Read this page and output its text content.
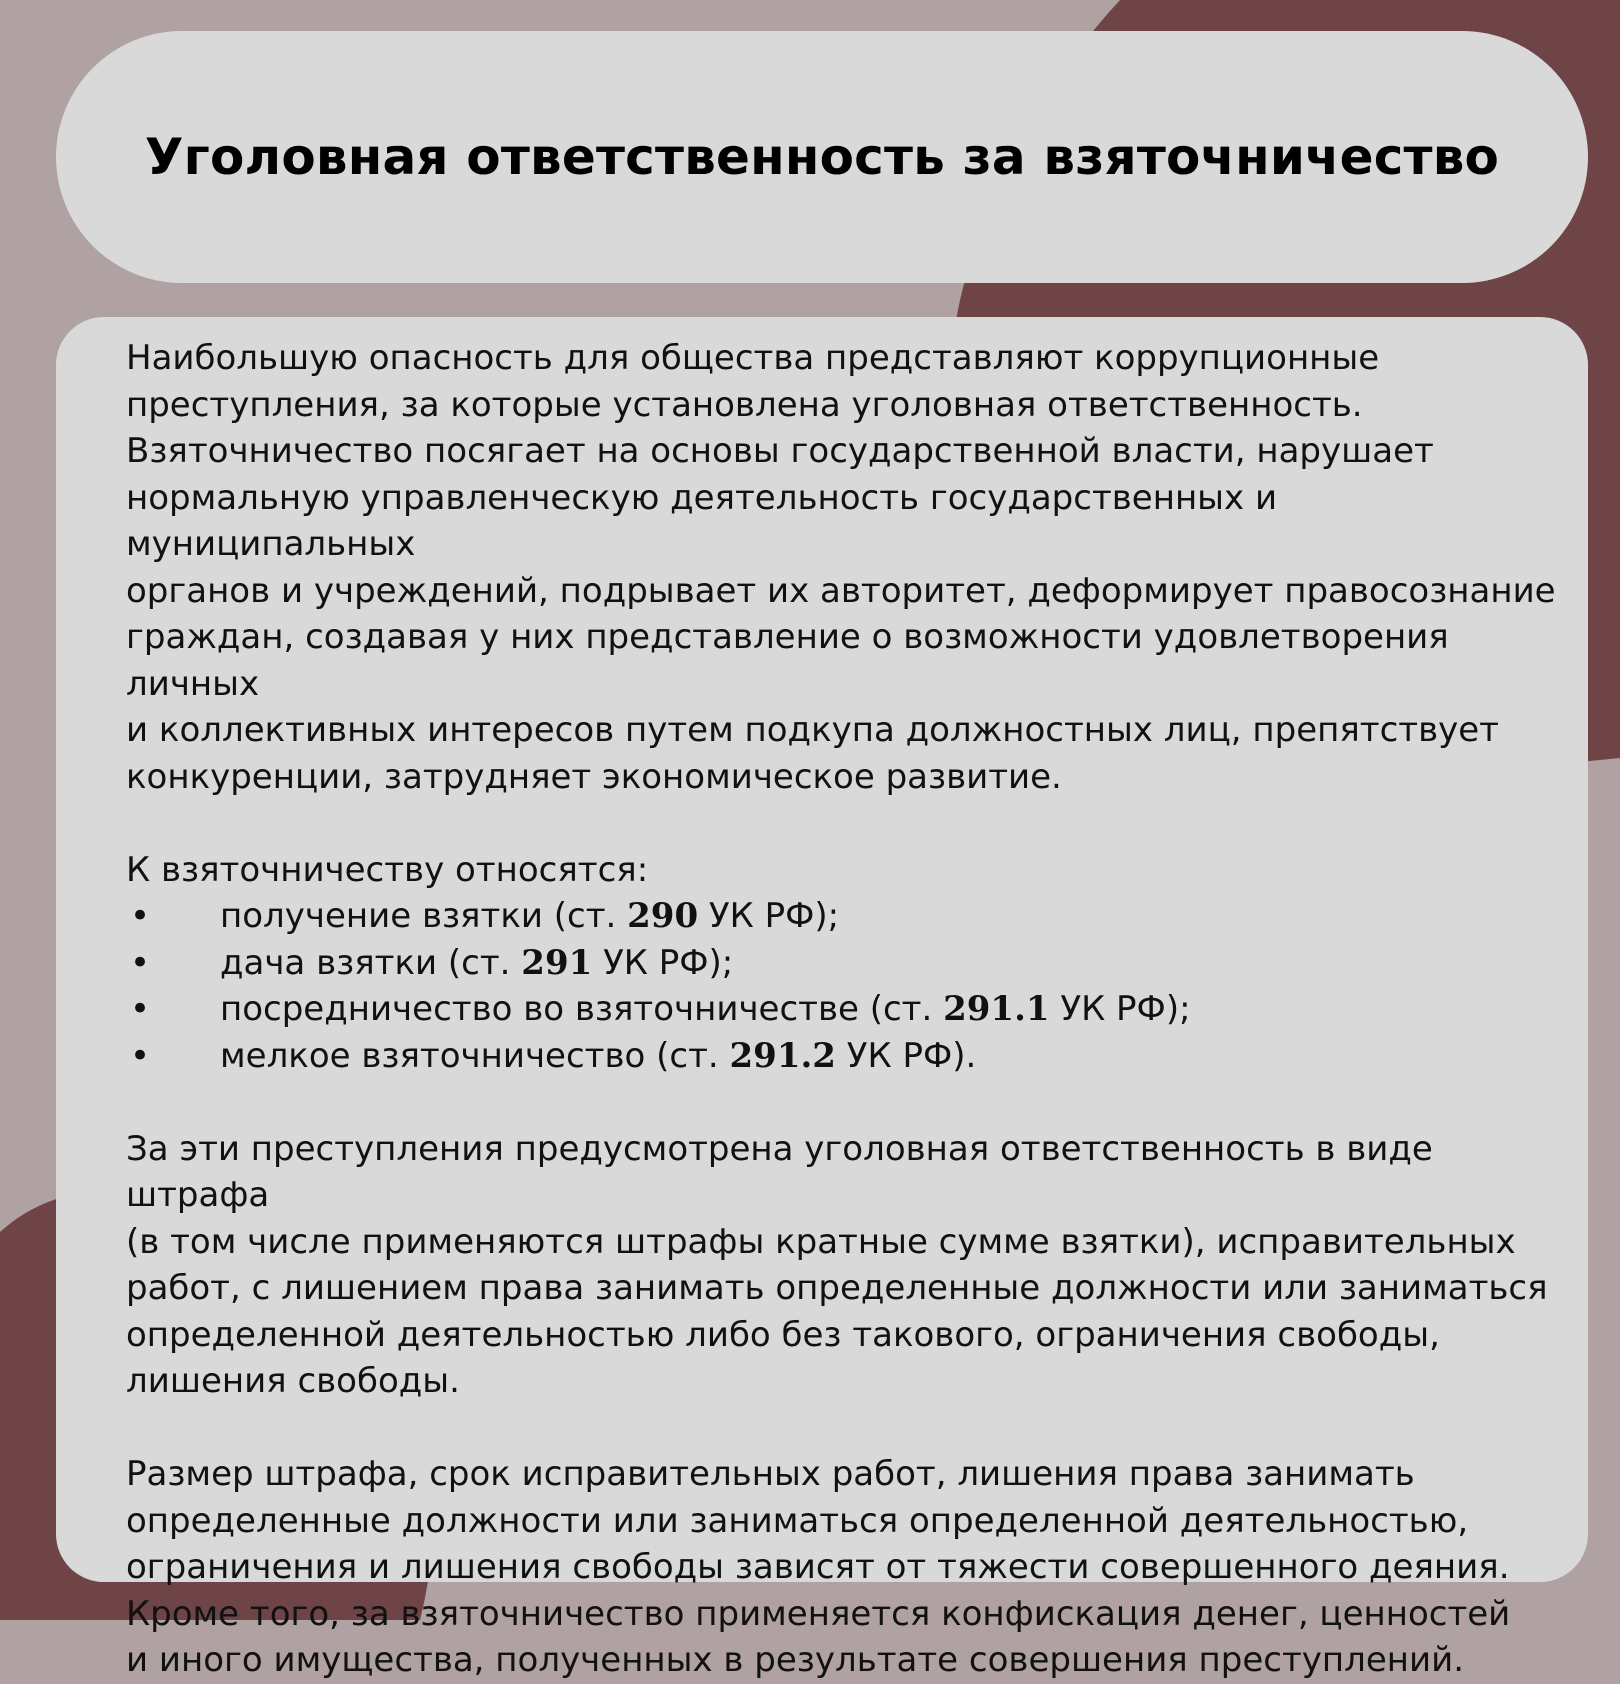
Уголовная ответственность за взяточничество

Наибольшую опасность для общества представляют коррупционные
преступления, за которые установлена уголовная ответственность.
Взяточничество посягает на основы государственной власти, нарушает
нормальную управленческую деятельность государственных и муниципальных
органов и учреждений, подрывает их авторитет, деформирует правосознание
граждан, создавая у них представление о возможности удовлетворения личных
и коллективных интересов путем подкупа должностных лиц, препятствует
конкуренции, затрудняет экономическое развитие.

К взяточничеству относятся:

• получение взятки (ст. 290 УК РФ);
• дача взятки (ст. 291 УК РФ);
• посредничество во взяточничестве (ст. 291.1 УК РФ);
• мелкое взяточничество (ст. 291.2 УК РФ).

За эти преступления предусмотрена уголовная ответственность в виде штрафа
(в том числе применяются штрафы кратные сумме взятки), исправительных
работ, с лишением права занимать определенные должности или заниматься
определенной деятельностью либо без такового, ограничения свободы,
лишения свободы.

Размер штрафа, срок исправительных работ, лишения права занимать
определенные должности или заниматься определенной деятельностью,
ограничения и лишения свободы зависят от тяжести совершенного деяния.
Кроме того, за взяточничество применяется конфискация денег, ценностей
и иного имущества, полученных в результате совершения преступлений.
